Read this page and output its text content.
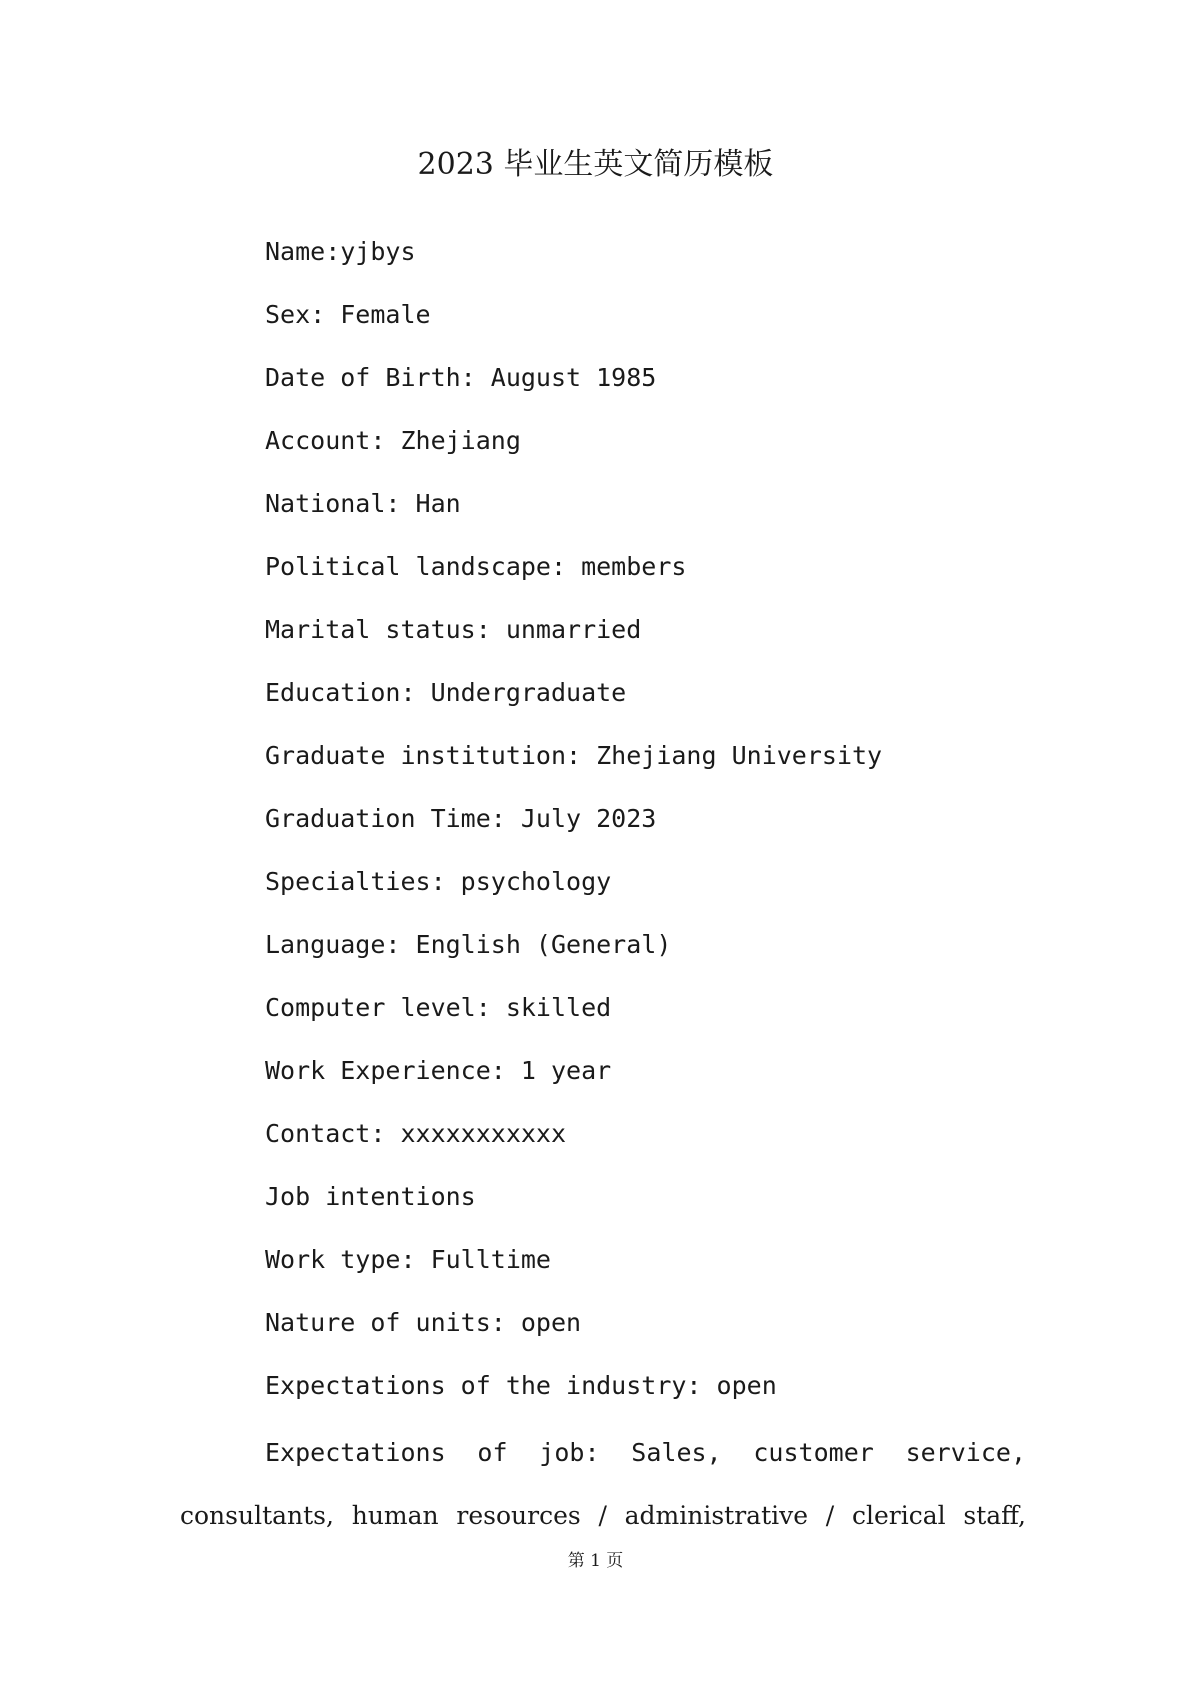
2023 毕业生英文简历模板
Name:yjbys
Sex: Female
Date of Birth: August 1985
Account: Zhejiang
National: Han
Political landscape: members
Marital status: unmarried
Education: Undergraduate
Graduate institution: Zhejiang University
Graduation Time: July 2023
Specialties: psychology
Language: English (General)
Computer level: skilled
Work Experience: 1 year
Contact: xxxxxxxxxxx
Job intentions
Work type: Fulltime
Nature of units: open
Expectations of the industry: open
Expectations of job: Sales, customer service,
consultants, human resources / administrative / clerical staff,
第 1 页
